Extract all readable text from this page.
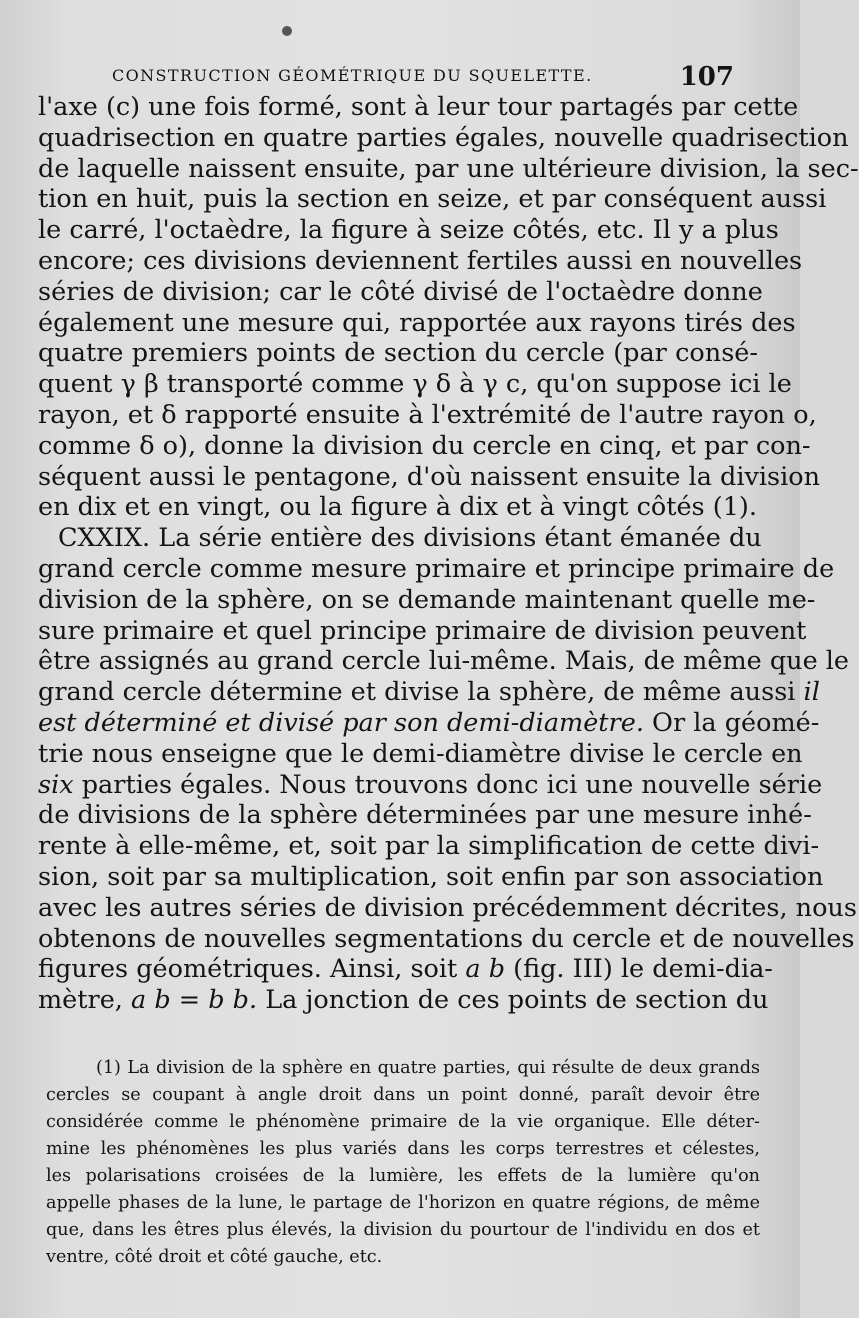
CONSTRUCTION GÉOMÉTRIQUE DU SQUELETTE.	107
l'axe (c) une fois formé, sont à leur tour partagés par cette
quadrisection en quatre parties égales, nouvelle quadrisection
de laquelle naissent ensuite, par une ultérieure division, la sec-
tion en huit, puis la section en seize, et par conséquent aussi
le carré, l'octaèdre, la figure à seize côtés, etc. Il y a plus
encore; ces divisions deviennent fertiles aussi en nouvelles
séries de division; car le côté divisé de l'octaèdre donne
également une mesure qui, rapportée aux rayons tirés des
quatre premiers points de section du cercle (par consé-
quent γ β transporté comme γ δ à γ c, qu'on suppose ici le
rayon, et δ rapporté ensuite à l'extrémité de l'autre rayon o,
comme δ o), donne la division du cercle en cinq, et par con-
séquent aussi le pentagone, d'où naissent ensuite la division
en dix et en vingt, ou la figure à dix et à vingt côtés (1).
CXXIX. La série entière des divisions étant émanée du
grand cercle comme mesure primaire et principe primaire de
division de la sphère, on se demande maintenant quelle me-
sure primaire et quel principe primaire de division peuvent
être assignés au grand cercle lui-même. Mais, de même que le
grand cercle détermine et divise la sphère, de même aussi il
est déterminé et divisé par son demi-diamètre. Or la géomé-
trie nous enseigne que le demi-diamètre divise le cercle en
six parties égales. Nous trouvons donc ici une nouvelle série
de divisions de la sphère déterminées par une mesure inhé-
rente à elle-même, et, soit par la simplification de cette divi-
sion, soit par sa multiplication, soit enfin par son association
avec les autres séries de division précédemment décrites, nous
obtenons de nouvelles segmentations du cercle et de nouvelles
figures géométriques. Ainsi, soit a b (fig. III) le demi-dia-
mètre, a b = b b. La jonction de ces points de section du
(1) La division de la sphère en quatre parties, qui résulte de deux grands
cercles se coupant à angle droit dans un point donné, paraît devoir être
considérée comme le phénomène primaire de la vie organique. Elle déter-
mine les phénomènes les plus variés dans les corps terrestres et célestes,
les polarisations croisées de la lumière, les effets de la lumière qu'on
appelle phases de la lune, le partage de l'horizon en quatre régions, de même
que, dans les êtres plus élevés, la division du pourtour de l'individu en dos et
ventre, côté droit et côté gauche, etc.
